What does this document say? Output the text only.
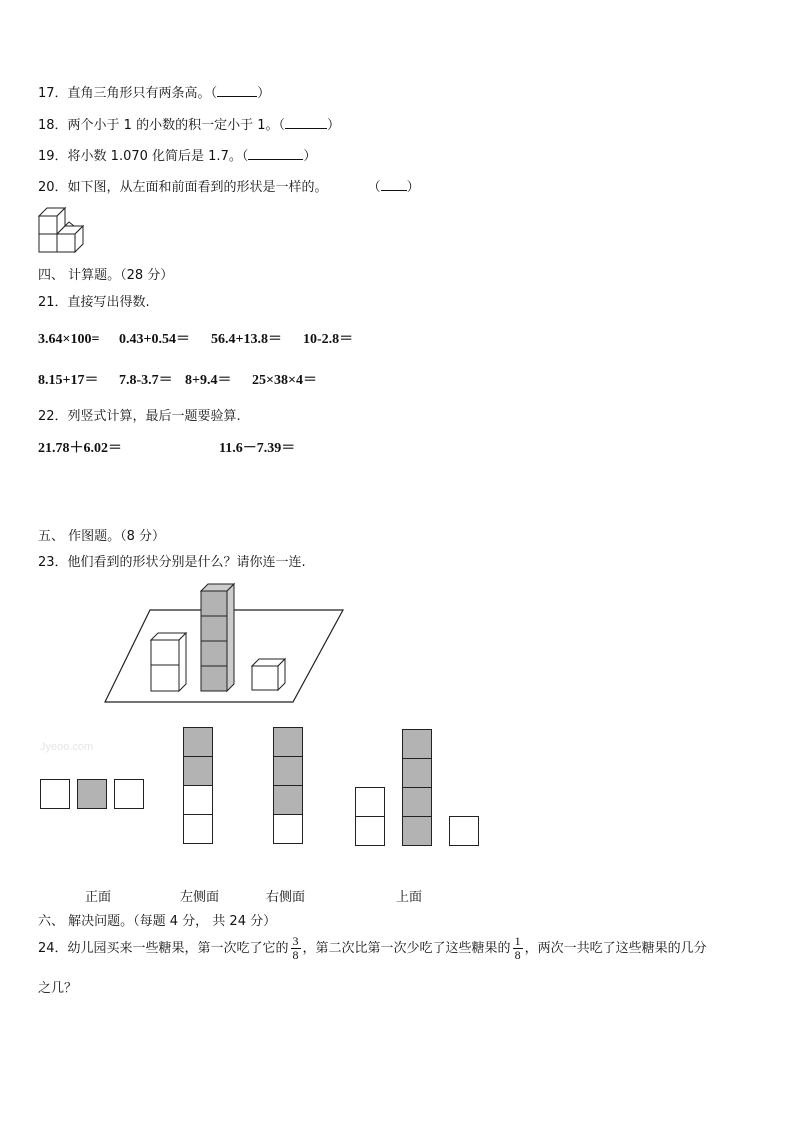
17．直角三角形只有两条高。（	）
18．两个小于 1 的小数的积一定小于 1。（	）
19．将小数 1.070 化简后是 1.7。（	）
20．如下图，从左面和前面看到的形状是一样的。	（ ）
四、 计算题。（28 分）
21．直接写出得数.
3.64×100= 0.43+0.54＝ 56.4+13.8＝ 10-2.8＝
8.15+17＝ 7.8-3.7＝ 8+9.4＝ 25×38×4＝
22．列竖式计算，最后一题要验算.
21.78＋6.02＝	11.6－7.39＝
五、 作图题。（8 分）
23．他们看到的形状分别是什么？请你连一连.
Jyeoo.com
正面	左侧面	右侧面	上面
六、 解决问题。（每题 4 分， 共 24 分）
24．幼儿园买来一些糖果，第一次吃了它的 $\frac{3}{8}$ ，第二次比第一次少吃了这些糖果的 $\frac{1}{8}$ ，两次一共吃了这些糖果的几分
之几？
